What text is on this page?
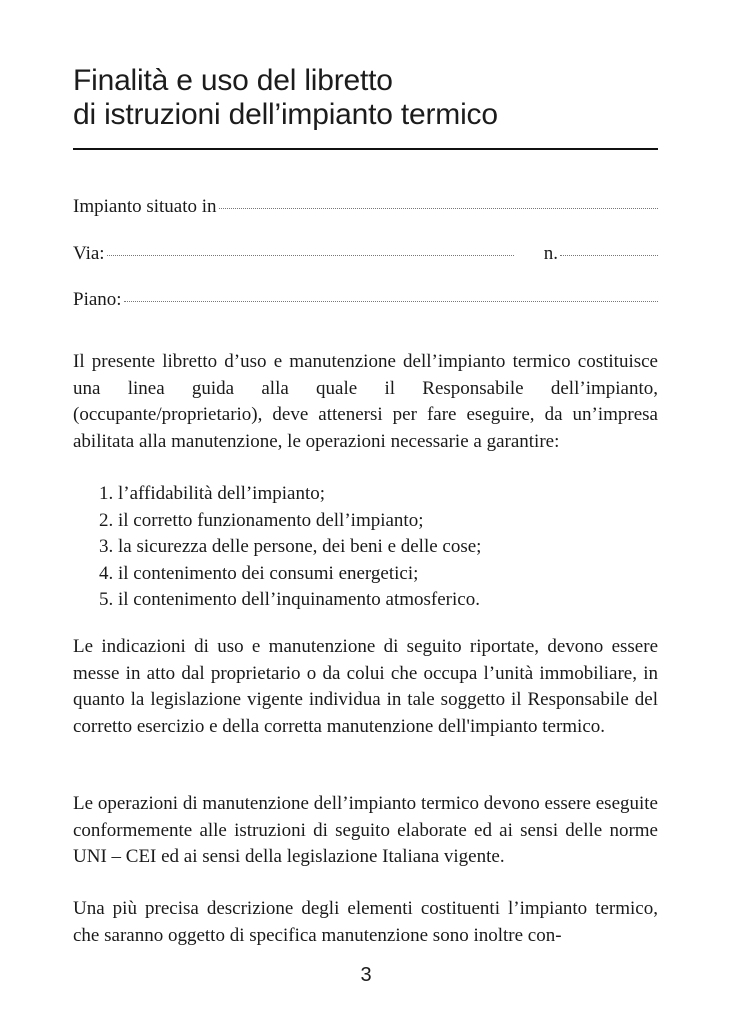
Finalità e uso del libretto
di istruzioni dell’impianto termico
Impianto situato in
Via:	n.
Piano:

Il presente libretto d’uso e manutenzione dell’impianto termico costituisce una linea guida alla quale il Responsabile dell’impianto, (occupante/proprietario), deve attenersi per fare eseguire, da un’impresa abilitata alla manutenzione, le operazioni necessarie a garantire:

1. l’affidabilità dell’impianto;
2. il corretto funzionamento dell’impianto;
3. la sicurezza delle persone, dei beni e delle cose;
4. il contenimento dei consumi energetici;
5. il contenimento dell’inquinamento atmosferico.

Le indicazioni di uso e manutenzione di seguito riportate, devono essere messe in atto dal proprietario o da colui che occupa l’unità immobiliare, in quanto la legislazione vigente individua in tale soggetto il Responsabile del corretto esercizio e della corretta manutenzione dell'impianto termico.

Le operazioni di manutenzione dell’impianto termico devono essere eseguite conformemente alle istruzioni di seguito elaborate ed ai sensi delle norme UNI – CEI ed ai sensi della legislazione Italiana vigente.

Una più precisa descrizione degli elementi costituenti l’impianto termico, che saranno oggetto di specifica manutenzione sono inoltre con-

3
